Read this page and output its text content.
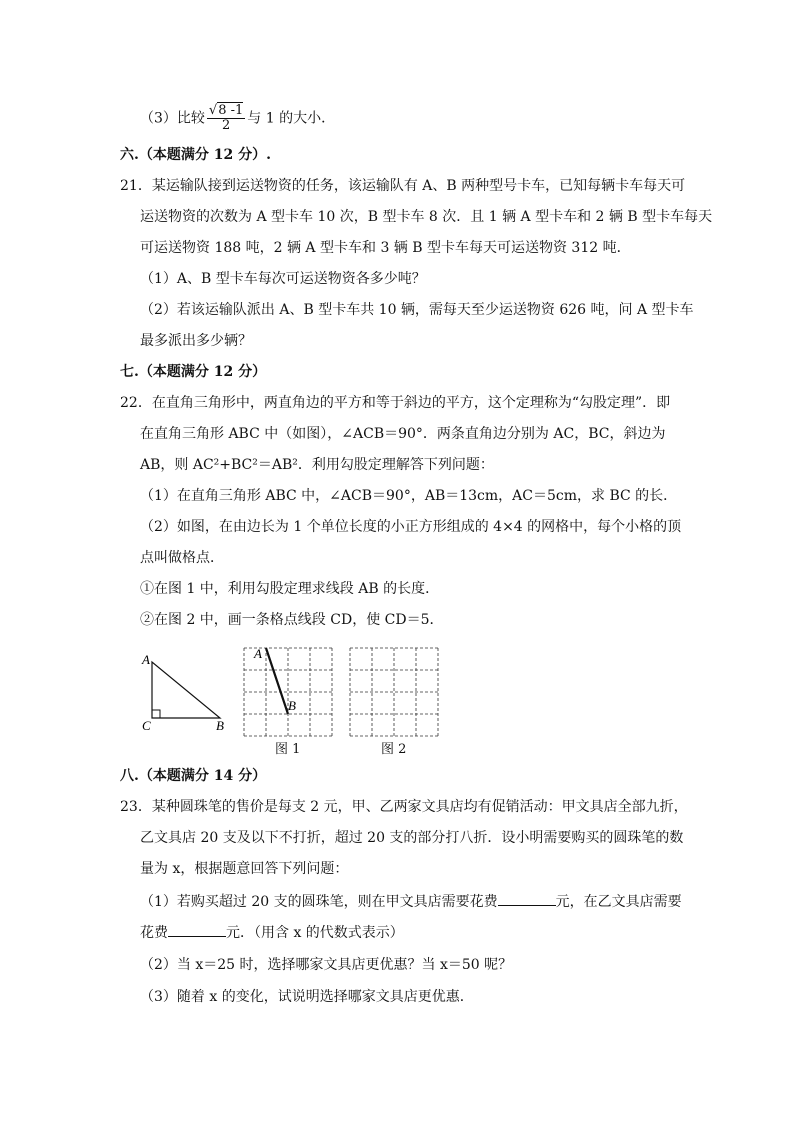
（3）比较 $\frac{√8 -1}{2}$ 与 1 的大小．
六.（本题满分 12 分）.
21．某运输队接到运送物资的任务，该运输队有 A、B 两种型号卡车，已知每辆卡车每天可
运送物资的次数为 A 型卡车 10 次，B 型卡车 8 次．且 1 辆 A 型卡车和 2 辆 B 型卡车每天
可运送物资 188 吨，2 辆 A 型卡车和 3 辆 B 型卡车每天可运送物资 312 吨．
（1）A、B 型卡车每次可运送物资各多少吨？
（2）若该运输队派出 A、B 型卡车共 10 辆，需每天至少运送物资 626 吨，问 A 型卡车
最多派出多少辆？
七.（本题满分 12 分）
22．在直角三角形中，两直角边的平方和等于斜边的平方，这个定理称为“勾股定理”．即
在直角三角形 ABC 中（如图），∠ACB＝90°．两条直角边分别为 AC，BC，斜边为
AB，则 AC²+BC²＝AB²．利用勾股定理解答下列问题：
（1）在直角三角形 ABC 中，∠ACB＝90°，AB＝13cm，AC＝5cm，求 BC 的长．
（2）如图，在由边长为 1 个单位长度的小正方形组成的 4×4 的网格中，每个小格的顶
点叫做格点．
①在图 1 中，利用勾股定理求线段 AB 的长度．
②在图 2 中，画一条格点线段 CD，使 CD＝5．
A
C	B
A
B
图 1	图 2
八.（本题满分 14 分）
23．某种圆珠笔的售价是每支 2 元，甲、乙两家文具店均有促销活动：甲文具店全部九折，
乙文具店 20 支及以下不打折，超过 20 支的部分打八折．设小明需要购买的圆珠笔的数
量为 x，根据题意回答下列问题：
（1）若购买超过 20 支的圆珠笔，则在甲文具店需要花费	元，在乙文具店需要
花费	元．（用含 x 的代数式表示）
（2）当 x＝25 时，选择哪家文具店更优惠？当 x＝50 呢？
（3）随着 x 的变化，试说明选择哪家文具店更优惠．
